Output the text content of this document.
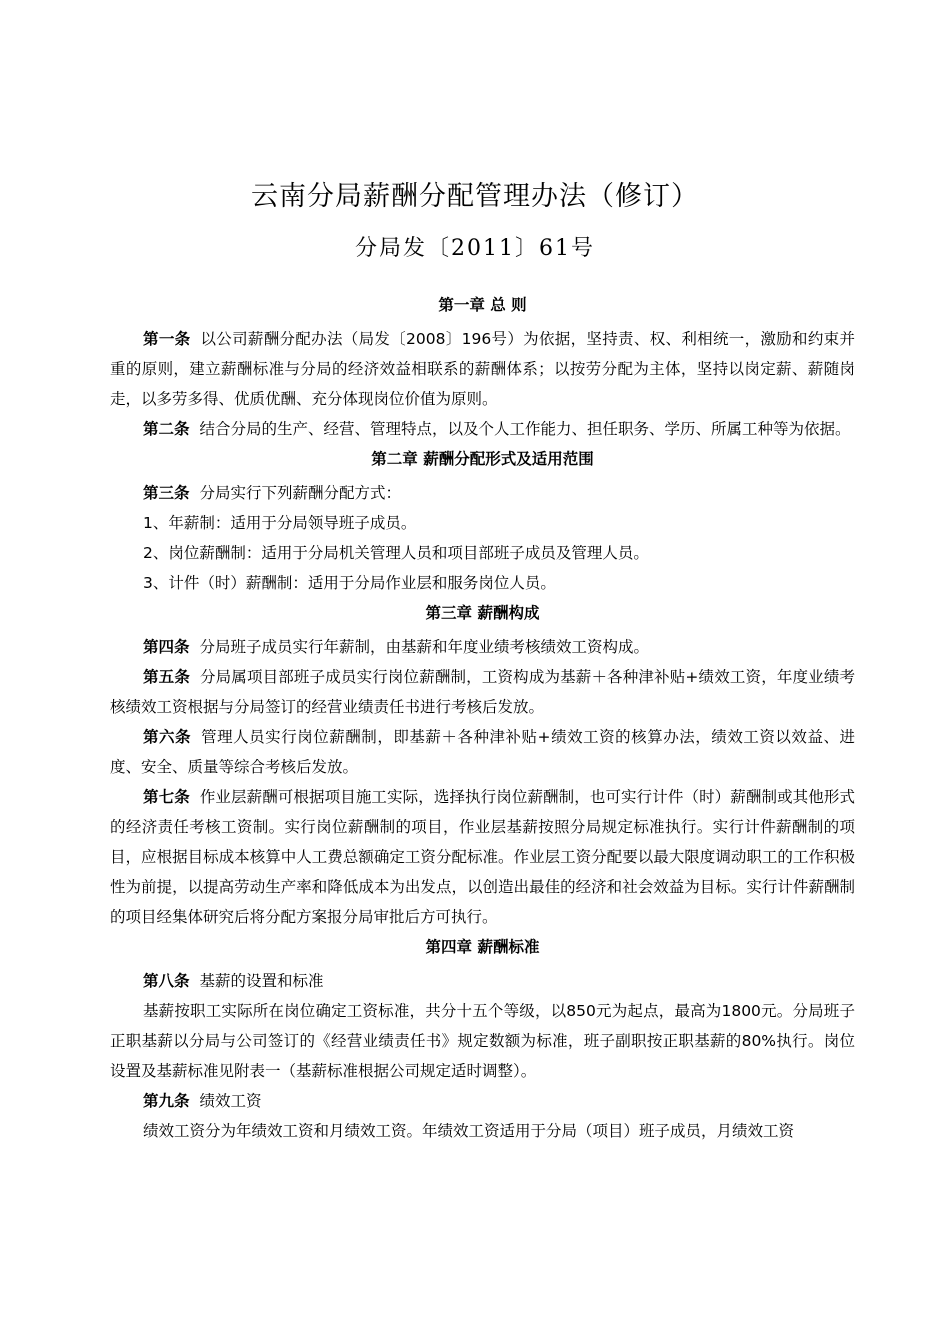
云南分局薪酬分配管理办法（修订）
分局发〔2011〕61号

第一章 总 则

第一条 以公司薪酬分配办法（局发〔2008〕196号）为依据，坚持责、权、利相统一，激励和约束并重的原则，建立薪酬标准与分局的经济效益相联系的薪酬体系；以按劳分配为主体，坚持以岗定薪、薪随岗走，以多劳多得、优质优酬、充分体现岗位价值为原则。

第二条 结合分局的生产、经营、管理特点，以及个人工作能力、担任职务、学历、所属工种等为依据。

第二章 薪酬分配形式及适用范围

第三条 分局实行下列薪酬分配方式：

1、年薪制：适用于分局领导班子成员。

2、岗位薪酬制：适用于分局机关管理人员和项目部班子成员及管理人员。

3、计件（时）薪酬制：适用于分局作业层和服务岗位人员。

第三章 薪酬构成

第四条 分局班子成员实行年薪制，由基薪和年度业绩考核绩效工资构成。

第五条 分局属项目部班子成员实行岗位薪酬制，工资构成为基薪＋各种津补贴+绩效工资，年度业绩考核绩效工资根据与分局签订的经营业绩责任书进行考核后发放。

第六条 管理人员实行岗位薪酬制，即基薪＋各种津补贴+绩效工资的核算办法，绩效工资以效益、进度、安全、质量等综合考核后发放。

第七条 作业层薪酬可根据项目施工实际，选择执行岗位薪酬制，也可实行计件（时）薪酬制或其他形式的经济责任考核工资制。实行岗位薪酬制的项目，作业层基薪按照分局规定标准执行。实行计件薪酬制的项目，应根据目标成本核算中人工费总额确定工资分配标准。作业层工资分配要以最大限度调动职工的工作积极性为前提，以提高劳动生产率和降低成本为出发点，以创造出最佳的经济和社会效益为目标。实行计件薪酬制的项目经集体研究后将分配方案报分局审批后方可执行。

第四章 薪酬标准

第八条 基薪的设置和标准

基薪按职工实际所在岗位确定工资标准，共分十五个等级，以850元为起点，最高为1800元。分局班子正职基薪以分局与公司签订的《经营业绩责任书》规定数额为标准，班子副职按正职基薪的80%执行。岗位设置及基薪标准见附表一（基薪标准根据公司规定适时调整）。

第九条 绩效工资

绩效工资分为年绩效工资和月绩效工资。年绩效工资适用于分局（项目）班子成员，月绩效工资
